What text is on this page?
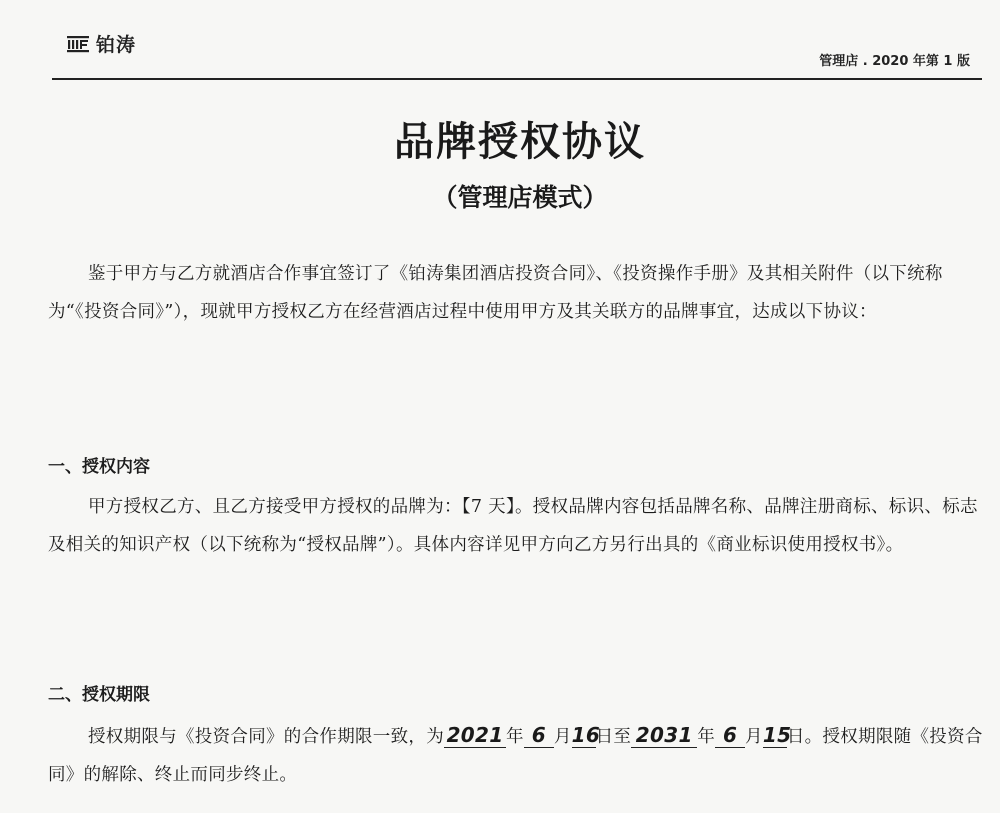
铂涛
管理店 . 2020 年第 1 版
品牌授权协议
（管理店模式）
鉴于甲方与乙方就酒店合作事宜签订了《铂涛集团酒店投资合同》、《投资操作手册》及其相关附件（以下统称为“《投资合同》”），现就甲方授权乙方在经营酒店过程中使用甲方及其关联方的品牌事宜，达成以下协议：
一、授权内容
甲方授权乙方、且乙方接受甲方授权的品牌为：【7 天】。授权品牌内容包括品牌名称、品牌注册商标、标识、标志及相关的知识产权（以下统称为“授权品牌”）。具体内容详见甲方向乙方另行出具的《商业标识使用授权书》。
二、授权期限
授权期限与《投资合同》的合作期限一致，为 2021 年 6 月16日至 2031 年 6 月15日。授权期限随《投资合同》的解除、终止而同步终止。
